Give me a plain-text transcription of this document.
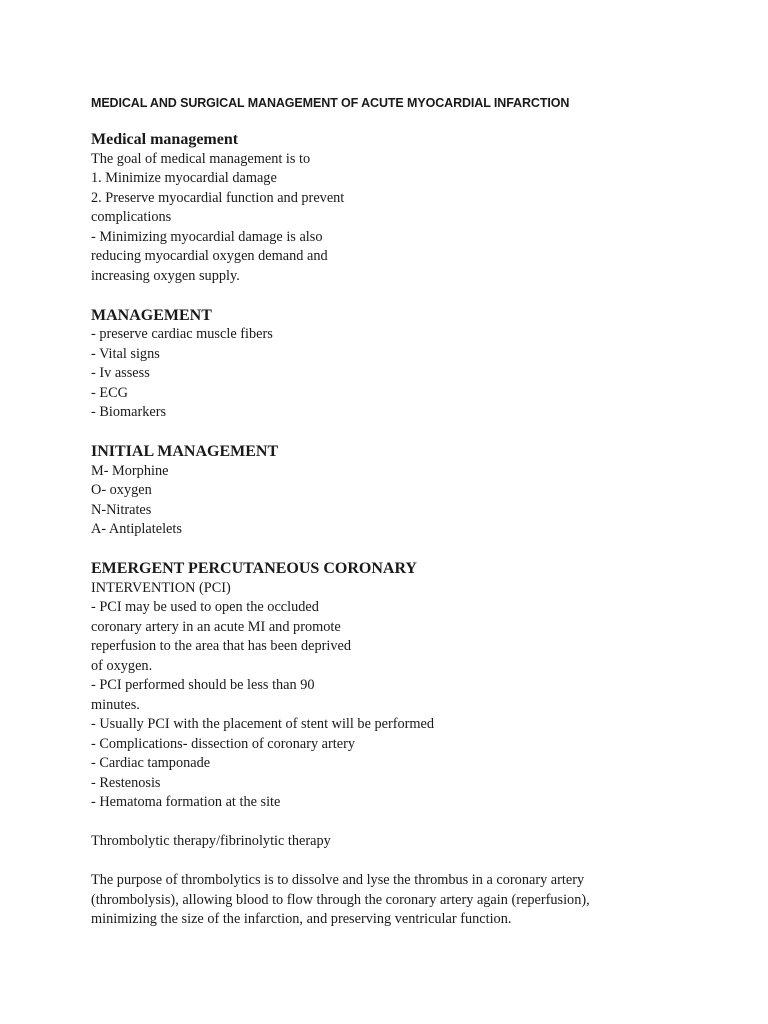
MEDICAL AND SURGICAL MANAGEMENT OF ACUTE MYOCARDIAL INFARCTION
Medical management
The goal of medical management is to
1. Minimize myocardial damage
2. Preserve myocardial function and prevent
complications
- Minimizing myocardial damage is also
reducing myocardial oxygen demand and
increasing oxygen supply.
MANAGEMENT
- preserve cardiac muscle fibers
- Vital signs
- Iv assess
- ECG
- Biomarkers
INITIAL MANAGEMENT
M- Morphine
O- oxygen
N-Nitrates
A- Antiplatelets
EMERGENT PERCUTANEOUS CORONARY
INTERVENTION (PCI)
- PCI may be used to open the occluded
coronary artery in an acute MI and promote
reperfusion to the area that has been deprived
of oxygen.
- PCI performed should be less than 90
minutes.
- Usually PCI with the placement of stent will be performed
- Complications- dissection of coronary artery
- Cardiac tamponade
- Restenosis
- Hematoma formation at the site
Thrombolytic therapy/fibrinolytic therapy
The purpose of thrombolytics is to dissolve and lyse the thrombus in a coronary artery
(thrombolysis), allowing blood to flow through the coronary artery again (reperfusion),
minimizing the size of the infarction, and preserving ventricular function.
